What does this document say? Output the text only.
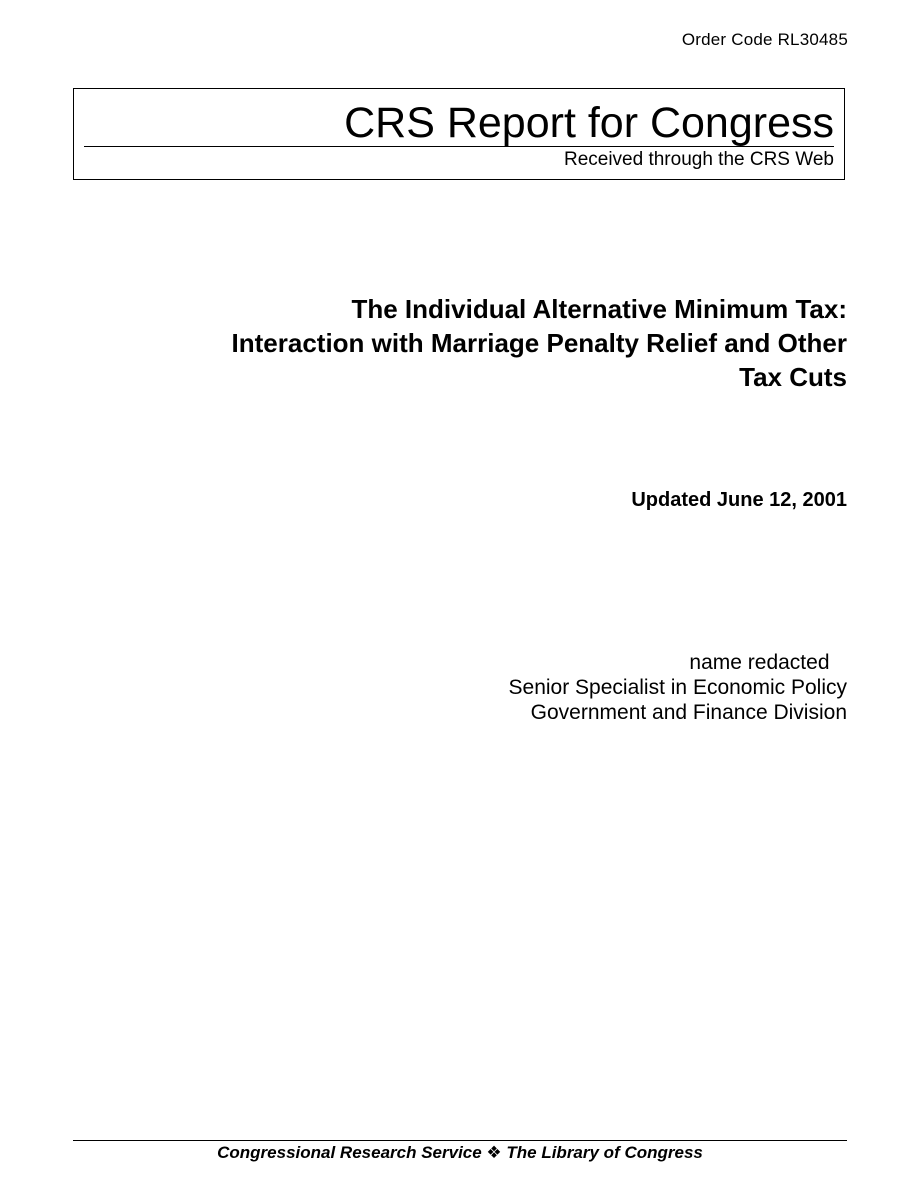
Order Code RL30485
CRS Report for Congress
Received through the CRS Web
The Individual Alternative Minimum Tax:
Interaction with Marriage Penalty Relief and Other
Tax Cuts
Updated June 12, 2001
name redacted
Senior Specialist in Economic Policy
Government and Finance Division
Congressional Research Service ❖ The Library of Congress
